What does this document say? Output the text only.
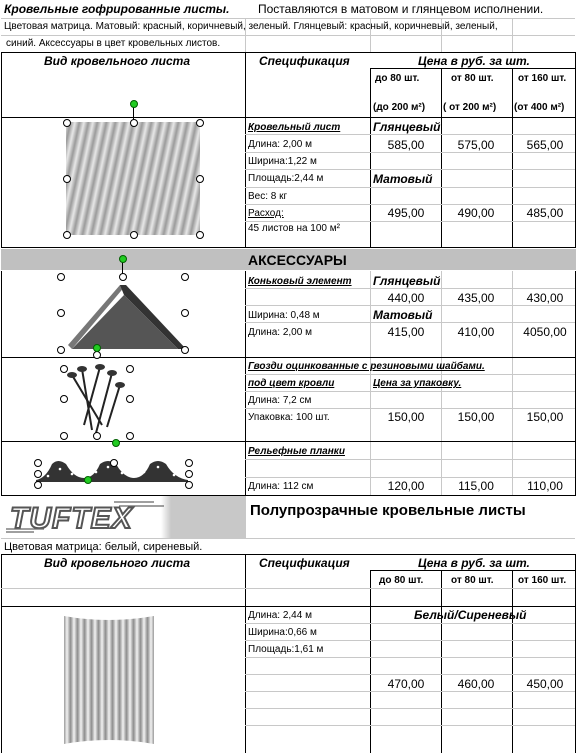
Кровельные гофрированные листы. Поставляются в матовом и глянцевом исполнении.
Цветовая матрица. Матовый: красный, коричневый, зеленый. Глянцевый: красный, коричневый, зеленый,
синий. Аксессуары в цвет кровельных листов.
Вид кровельного листа	Спецификация	Цена в руб. за шт.
до 80 шт.	от 80 шт. от 160 шт.
(до 200 м²) ( от 200 м²) (от 400 м²)
Кровельный лист
Длина: 2,00 м
Ширина:1,22 м
Площадь:2,44 м
Вес: 8 кг
Расход:
45 листов на 100 м²
Глянцевый
585,00	575,00	565,00
Матовый
495,00	490,00	485,00
АКСЕССУАРЫ
Коньковый элемент
Ширина: 0,48 м
Длина: 2,00 м
Глянцевый
440,00	435,00	430,00
Матовый
415,00	410,00	4050,00
Гвозди оцинкованные с резиновыми шайбами.
под цвет кровли	Цена за упаковку.
Длина: 7,2 см
Упаковка: 100 шт.	150,00	150,00	150,00
Рельефные планки
Длина: 112 см	120,00	115,00	110,00
TUFTEX	Полупрозрачные кровельные листы
Цветовая матрица: белый, сиреневый.
Вид кровельного листа	Спецификация	Цена в руб. за шт.
до 80 шт.	от 80 шт. от 160 шт.
Длина: 2,44 м
Ширина:0,66 м
Площадь:1,61 м
Белый/Сиреневый
470,00	460,00	450,00
